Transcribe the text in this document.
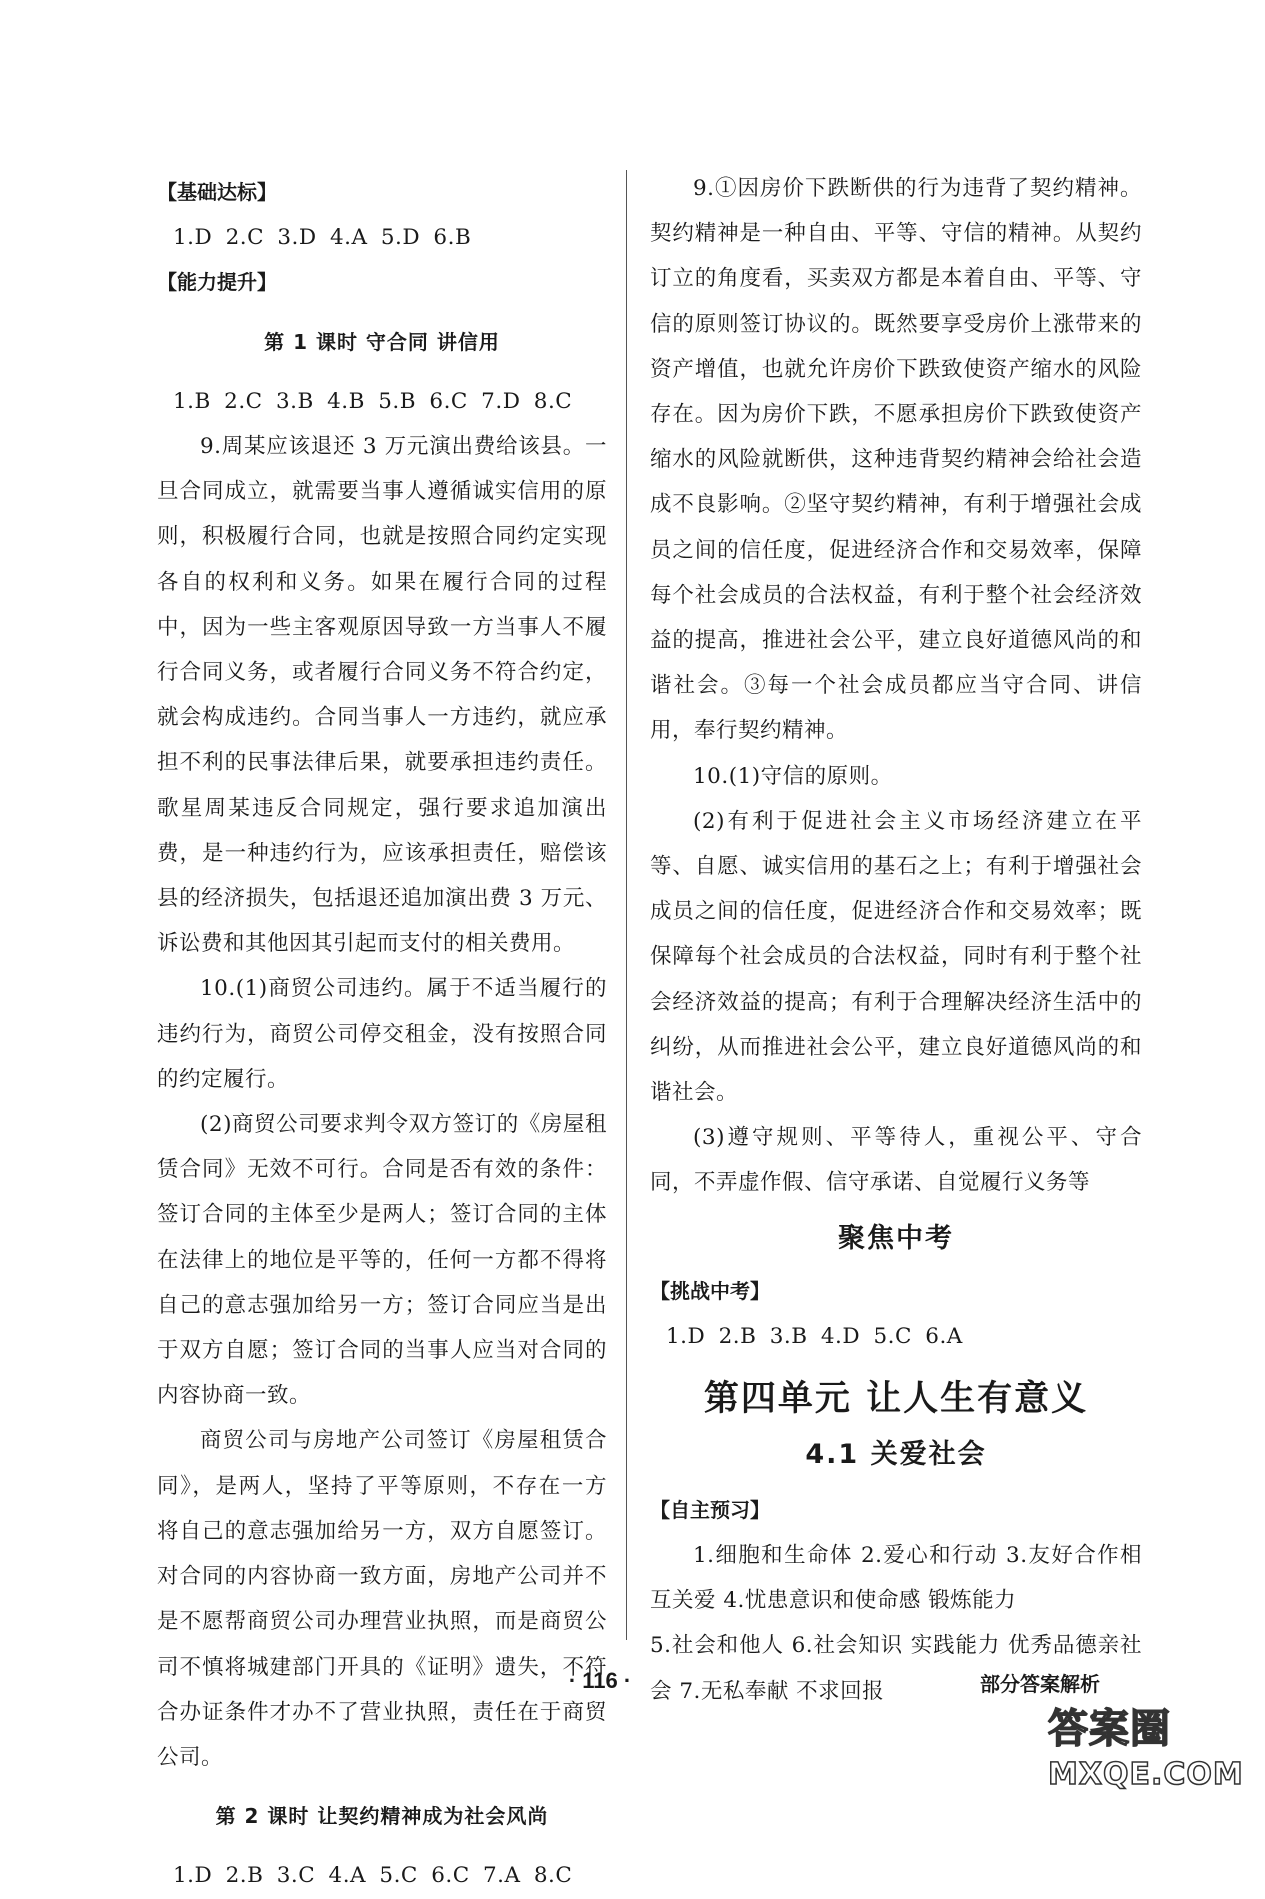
【基础达标】

1.D 2.C 3.D 4.A 5.D 6.B

【能力提升】

第 1 课时 守合同 讲信用

1.B 2.C 3.B 4.B 5.B 6.C 7.D 8.C

9.周某应该退还 3 万元演出费给该县。一旦合同成立，就需要当事人遵循诚实信用的原则，积极履行合同，也就是按照合同约定实现各自的权利和义务。如果在履行合同的过程中，因为一些主客观原因导致一方当事人不履行合同义务，或者履行合同义务不符合约定，就会构成违约。合同当事人一方违约，就应承担不利的民事法律后果，就要承担违约责任。歌星周某违反合同规定，强行要求追加演出费，是一种违约行为，应该承担责任，赔偿该县的经济损失，包括退还追加演出费 3 万元、诉讼费和其他因其引起而支付的相关费用。

10.(1)商贸公司违约。属于不适当履行的违约行为，商贸公司停交租金，没有按照合同的约定履行。

(2)商贸公司要求判令双方签订的《房屋租赁合同》无效不可行。合同是否有效的条件：签订合同的主体至少是两人；签订合同的主体在法律上的地位是平等的，任何一方都不得将自己的意志强加给另一方；签订合同应当是出于双方自愿；签订合同的当事人应当对合同的内容协商一致。

商贸公司与房地产公司签订《房屋租赁合同》，是两人，坚持了平等原则，不存在一方将自己的意志强加给另一方，双方自愿签订。对合同的内容协商一致方面，房地产公司并不是不愿帮商贸公司办理营业执照，而是商贸公司不慎将城建部门开具的《证明》遗失，不符合办证条件才办不了营业执照，责任在于商贸公司。

第 2 课时 让契约精神成为社会风尚

1.D 2.B 3.C 4.A 5.C 6.C 7.A 8.C

9.①因房价下跌断供的行为违背了契约精神。契约精神是一种自由、平等、守信的精神。从契约订立的角度看，买卖双方都是本着自由、平等、守信的原则签订协议的。既然要享受房价上涨带来的资产增值，也就允许房价下跌致使资产缩水的风险存在。因为房价下跌，不愿承担房价下跌致使资产缩水的风险就断供，这种违背契约精神会给社会造成不良影响。②坚守契约精神，有利于增强社会成员之间的信任度，促进经济合作和交易效率，保障每个社会成员的合法权益，有利于整个社会经济效益的提高，推进社会公平，建立良好道德风尚的和谐社会。③每一个社会成员都应当守合同、讲信用，奉行契约精神。

10.(1)守信的原则。

(2)有利于促进社会主义市场经济建立在平等、自愿、诚实信用的基石之上；有利于增强社会成员之间的信任度，促进经济合作和交易效率；既保障每个社会成员的合法权益，同时有利于整个社会经济效益的提高；有利于合理解决经济生活中的纠纷，从而推进社会公平，建立良好道德风尚的和谐社会。

(3)遵守规则、平等待人，重视公平、守合同，不弄虚作假、信守承诺、自觉履行义务等

聚焦中考

【挑战中考】

1.D 2.B 3.B 4.D 5.C 6.A

第四单元 让人生有意义

4.1 关爱社会

【自主预习】

1.细胞和生命体 2.爱心和行动 3.友好合作相互关爱 4.忧患意识和使命感 锻炼能力

5.社会和他人 6.社会知识 实践能力 优秀品德亲社会 7.无私奉献 不求回报

· 116 ·	部分答案解析
答案圈
MXQE.COM
